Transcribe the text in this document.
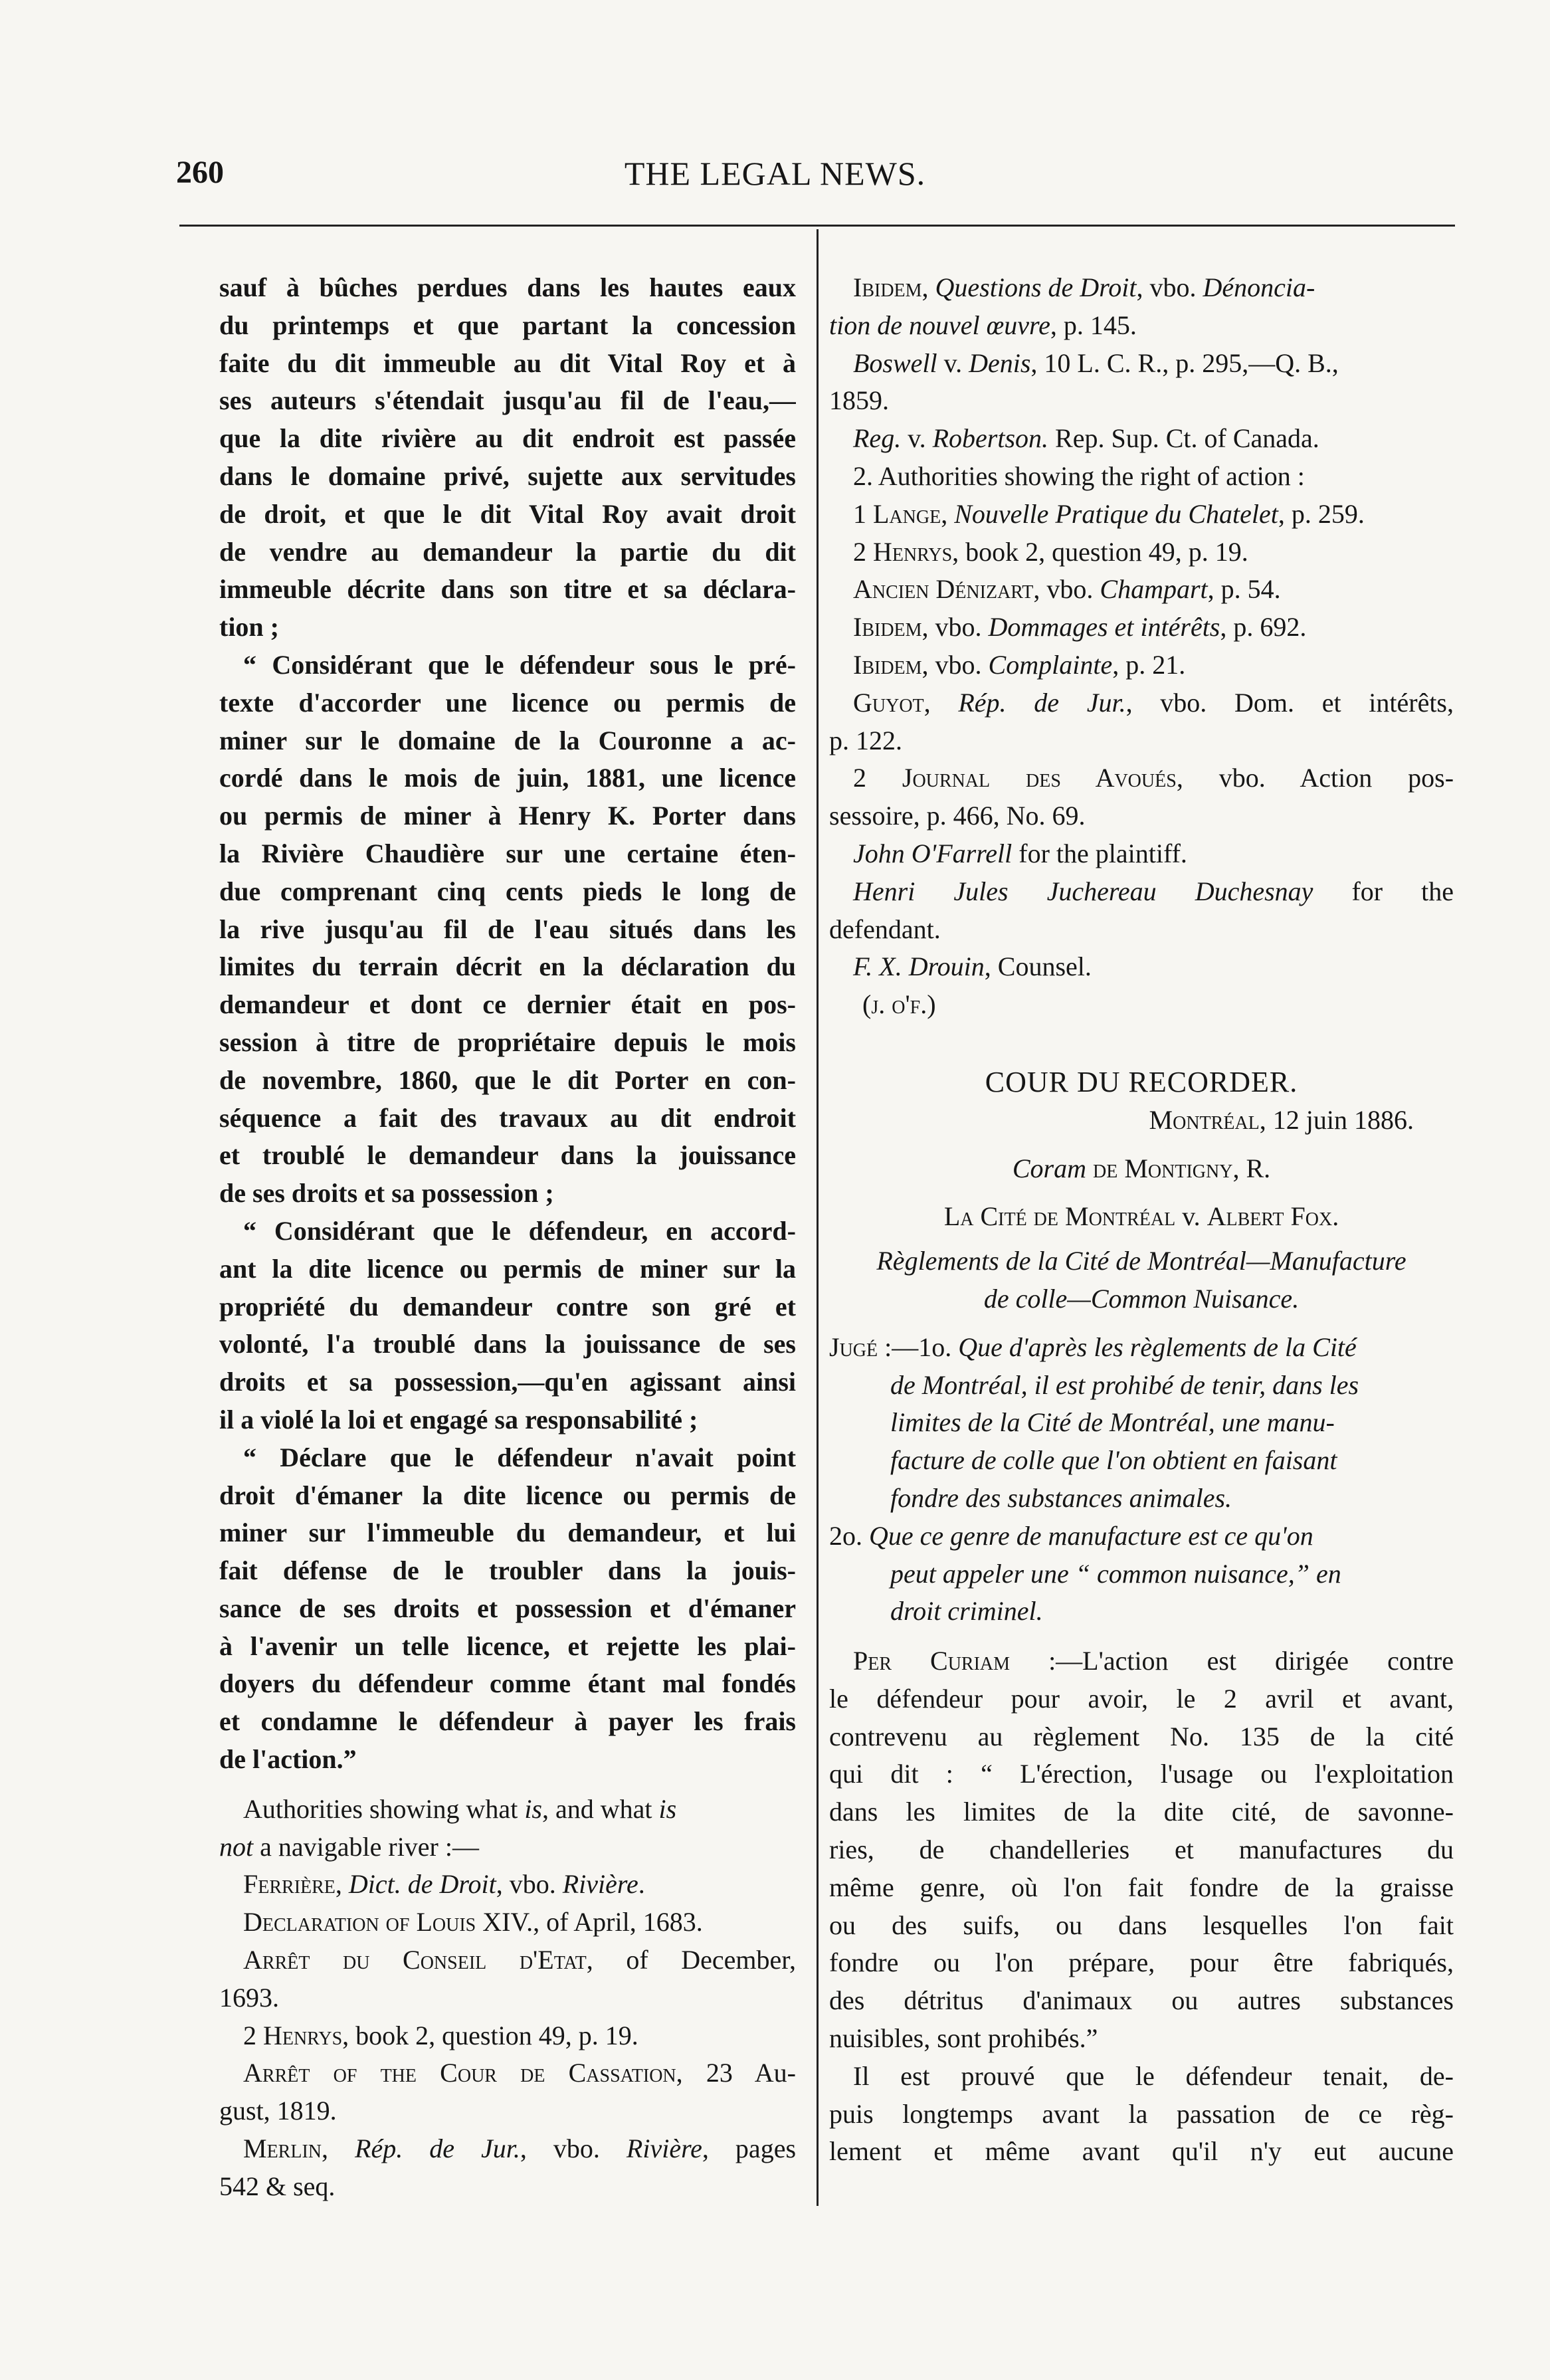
260	THE LEGAL NEWS.
sauf à bûches perdues dans les hautes eaux
du printemps et que partant la concession
faite du dit immeuble au dit Vital Roy et à
ses auteurs s'étendait jusqu'au fil de l'eau,—
que la dite rivière au dit endroit est passée
dans le domaine privé, sujette aux servitudes
de droit, et que le dit Vital Roy avait droit
de vendre au demandeur la partie du dit
immeuble décrite dans son titre et sa déclara-
tion ;
“ Considérant que le défendeur sous le pré-
texte d'accorder une licence ou permis de
miner sur le domaine de la Couronne a ac-
cordé dans le mois de juin, 1881, une licence
ou permis de miner à Henry K. Porter dans
la Rivière Chaudière sur une certaine éten-
due comprenant cinq cents pieds le long de
la rive jusqu'au fil de l'eau situés dans les
limites du terrain décrit en la déclaration du
demandeur et dont ce dernier était en pos-
session à titre de propriétaire depuis le mois
de novembre, 1860, que le dit Porter en con-
séquence a fait des travaux au dit endroit
et troublé le demandeur dans la jouissance
de ses droits et sa possession ;
“ Considérant que le défendeur, en accord-
ant la dite licence ou permis de miner sur la
propriété du demandeur contre son gré et
volonté, l'a troublé dans la jouissance de ses
droits et sa possession,—qu'en agissant ainsi
il a violé la loi et engagé sa responsabilité ;
“ Déclare que le défendeur n'avait point
droit d'émaner la dite licence ou permis de
miner sur l'immeuble du demandeur, et lui
fait défense de le troubler dans la jouis-
sance de ses droits et possession et d'émaner
à l'avenir un telle licence, et rejette les plai-
doyers du défendeur comme étant mal fondés
et condamne le défendeur à payer les frais
de l'action.”
Authorities showing what is, and what is
not a navigable river :—
Ferrière, Dict. de Droit, vbo. Rivière.
Declaration of Louis XIV., of April, 1683.
Arrêt du Conseil d'Etat, of December,
1693.
2 Henrys, book 2, question 49, p. 19.
Arrêt of the Cour de Cassation, 23 Au-
gust, 1819.
Merlin, Rép. de Jur., vbo. Rivière, pages
542 & seq.
Ibidem, Questions de Droit, vbo. Dénoncia-
tion de nouvel œuvre, p. 145.
Boswell v. Denis, 10 L. C. R., p. 295,—Q. B.,
1859.
Reg. v. Robertson. Rep. Sup. Ct. of Canada.
2. Authorities showing the right of action :
1 Lange, Nouvelle Pratique du Chatelet, p. 259.
2 Henrys, book 2, question 49, p. 19.
Ancien Dénizart, vbo. Champart, p. 54.
Ibidem, vbo. Dommages et intérêts, p. 692.
Ibidem, vbo. Complainte, p. 21.
Guyot, Rép. de Jur., vbo. Dom. et intérêts,
p. 122.
2 Journal des Avoués, vbo. Action pos-
sessoire, p. 466, No. 69.
John O'Farrell for the plaintiff.
Henri Jules Juchereau Duchesnay for the
defendant.
F. X. Drouin, Counsel.
(j. o'f.)
COUR DU RECORDER.
Montréal, 12 juin 1886.
Coram de Montigny, R.
La Cité de Montréal v. Albert Fox.
Règlements de la Cité de Montréal—Manufacture
de colle—Common Nuisance.
Jugé :—1o. Que d'après les règlements de la Cité
de Montréal, il est prohibé de tenir, dans les
limites de la Cité de Montréal, une manu-
facture de colle que l'on obtient en faisant
fondre des substances animales.
2o. Que ce genre de manufacture est ce qu'on
peut appeler une “ common nuisance,” en
droit criminel.
Per Curiam :—L'action est dirigée contre
le défendeur pour avoir, le 2 avril et avant,
contrevenu au règlement No. 135 de la cité
qui dit : “ L'érection, l'usage ou l'exploitation
dans les limites de la dite cité, de savonne-
ries, de chandelleries et manufactures du
même genre, où l'on fait fondre de la graisse
ou des suifs, ou dans lesquelles l'on fait
fondre ou l'on prépare, pour être fabriqués,
des détritus d'animaux ou autres substances
nuisibles, sont prohibés.”
Il est prouvé que le défendeur tenait, de-
puis longtemps avant la passation de ce règ-
lement et même avant qu'il n'y eut aucune
